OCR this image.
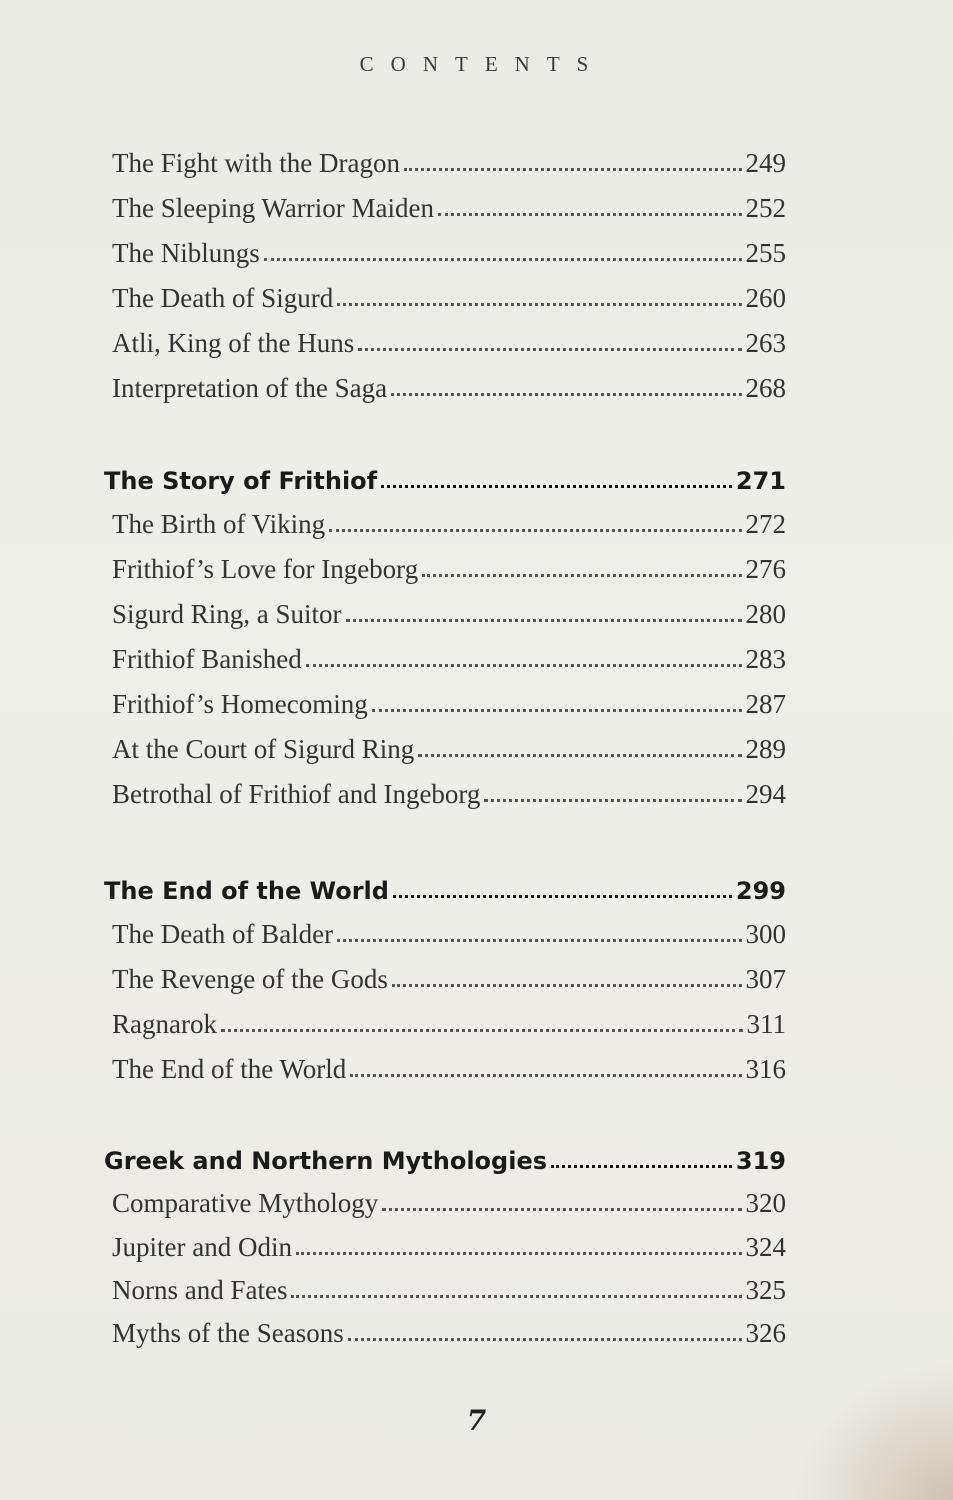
CONTENTS
The Fight with the Dragon	249
The Sleeping Warrior Maiden	252
The Niblungs	255
The Death of Sigurd	260
Atli, King of the Huns	263
Interpretation of the Saga	268
The Story of Frithiof	271
The Birth of Viking	272
Frithiof’s Love for Ingeborg	276
Sigurd Ring, a Suitor	280
Frithiof Banished	283
Frithiof’s Homecoming	287
At the Court of Sigurd Ring	289
Betrothal of Frithiof and Ingeborg	294
The End of the World	299
The Death of Balder	300
The Revenge of the Gods	307
Ragnarok	311
The End of the World	316
Greek and Northern Mythologies	319
Comparative Mythology	320
Jupiter and Odin	324
Norns and Fates	325
Myths of the Seasons	326
7
